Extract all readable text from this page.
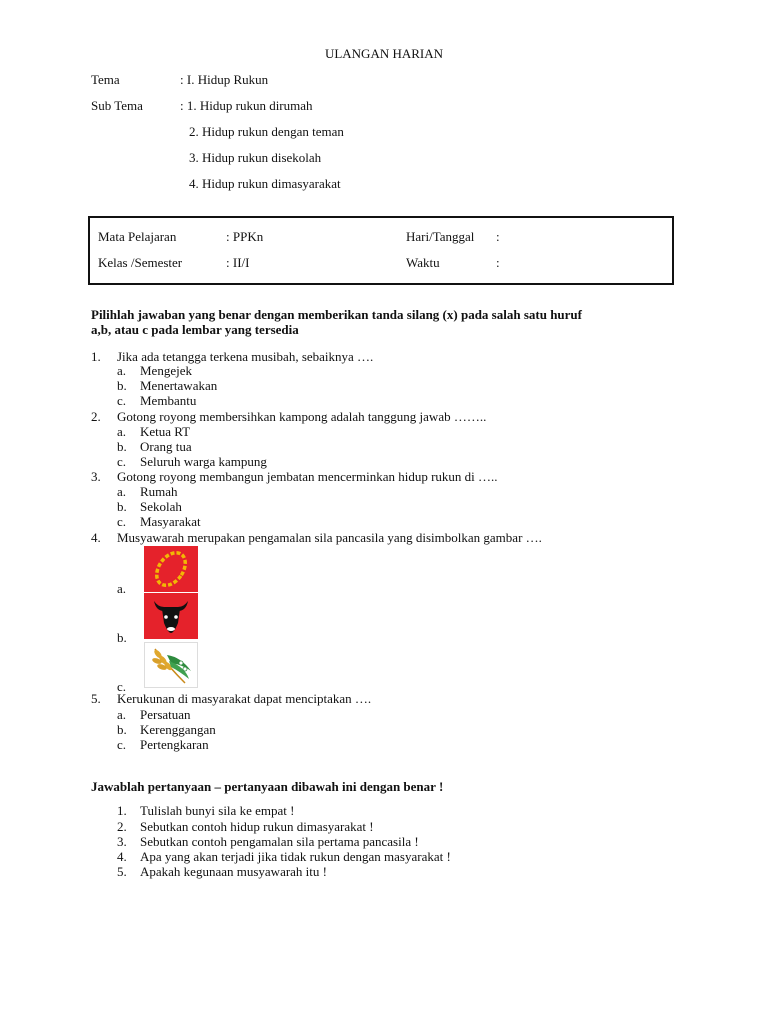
ULANGAN HARIAN
Tema	: I. Hidup Rukun
Sub Tema	: 1. Hidup rukun dirumah
2. Hidup rukun dengan teman
3. Hidup rukun disekolah
4. Hidup rukun dimasyarakat
Mata Pelajaran	: PPKn	Hari/Tanggal :
Kelas /Semester	: II/I	Waktu	:
Pilihlah jawaban yang benar dengan memberikan tanda silang (x) pada salah satu huruf
a,b, atau c pada lembar yang tersedia
1. Jika ada tetangga terkena musibah, sebaiknya ….
a. Mengejek
b. Menertawakan
c. Membantu
2. Gotong royong membersihkan kampong adalah tanggung jawab ……..
a. Ketua RT
b. Orang tua
c. Seluruh warga kampung
3. Gotong royong membangun jembatan mencerminkan hidup rukun di …..
a. Rumah
b. Sekolah
c. Masyarakat
4. Musyawarah merupakan pengamalan sila pancasila yang disimbolkan gambar ….
a.
b.
c.
5. Kerukunan di masyarakat dapat menciptakan ….
a. Persatuan
b. Kerenggangan
c. Pertengkaran
Jawablah pertanyaan – pertanyaan dibawah ini dengan benar !
1. Tulislah bunyi sila ke empat !
2. Sebutkan contoh hidup rukun dimasyarakat !
3. Sebutkan contoh pengamalan sila pertama pancasila !
4. Apa yang akan terjadi jika tidak rukun dengan masyarakat !
5. Apakah kegunaan musyawarah itu !
